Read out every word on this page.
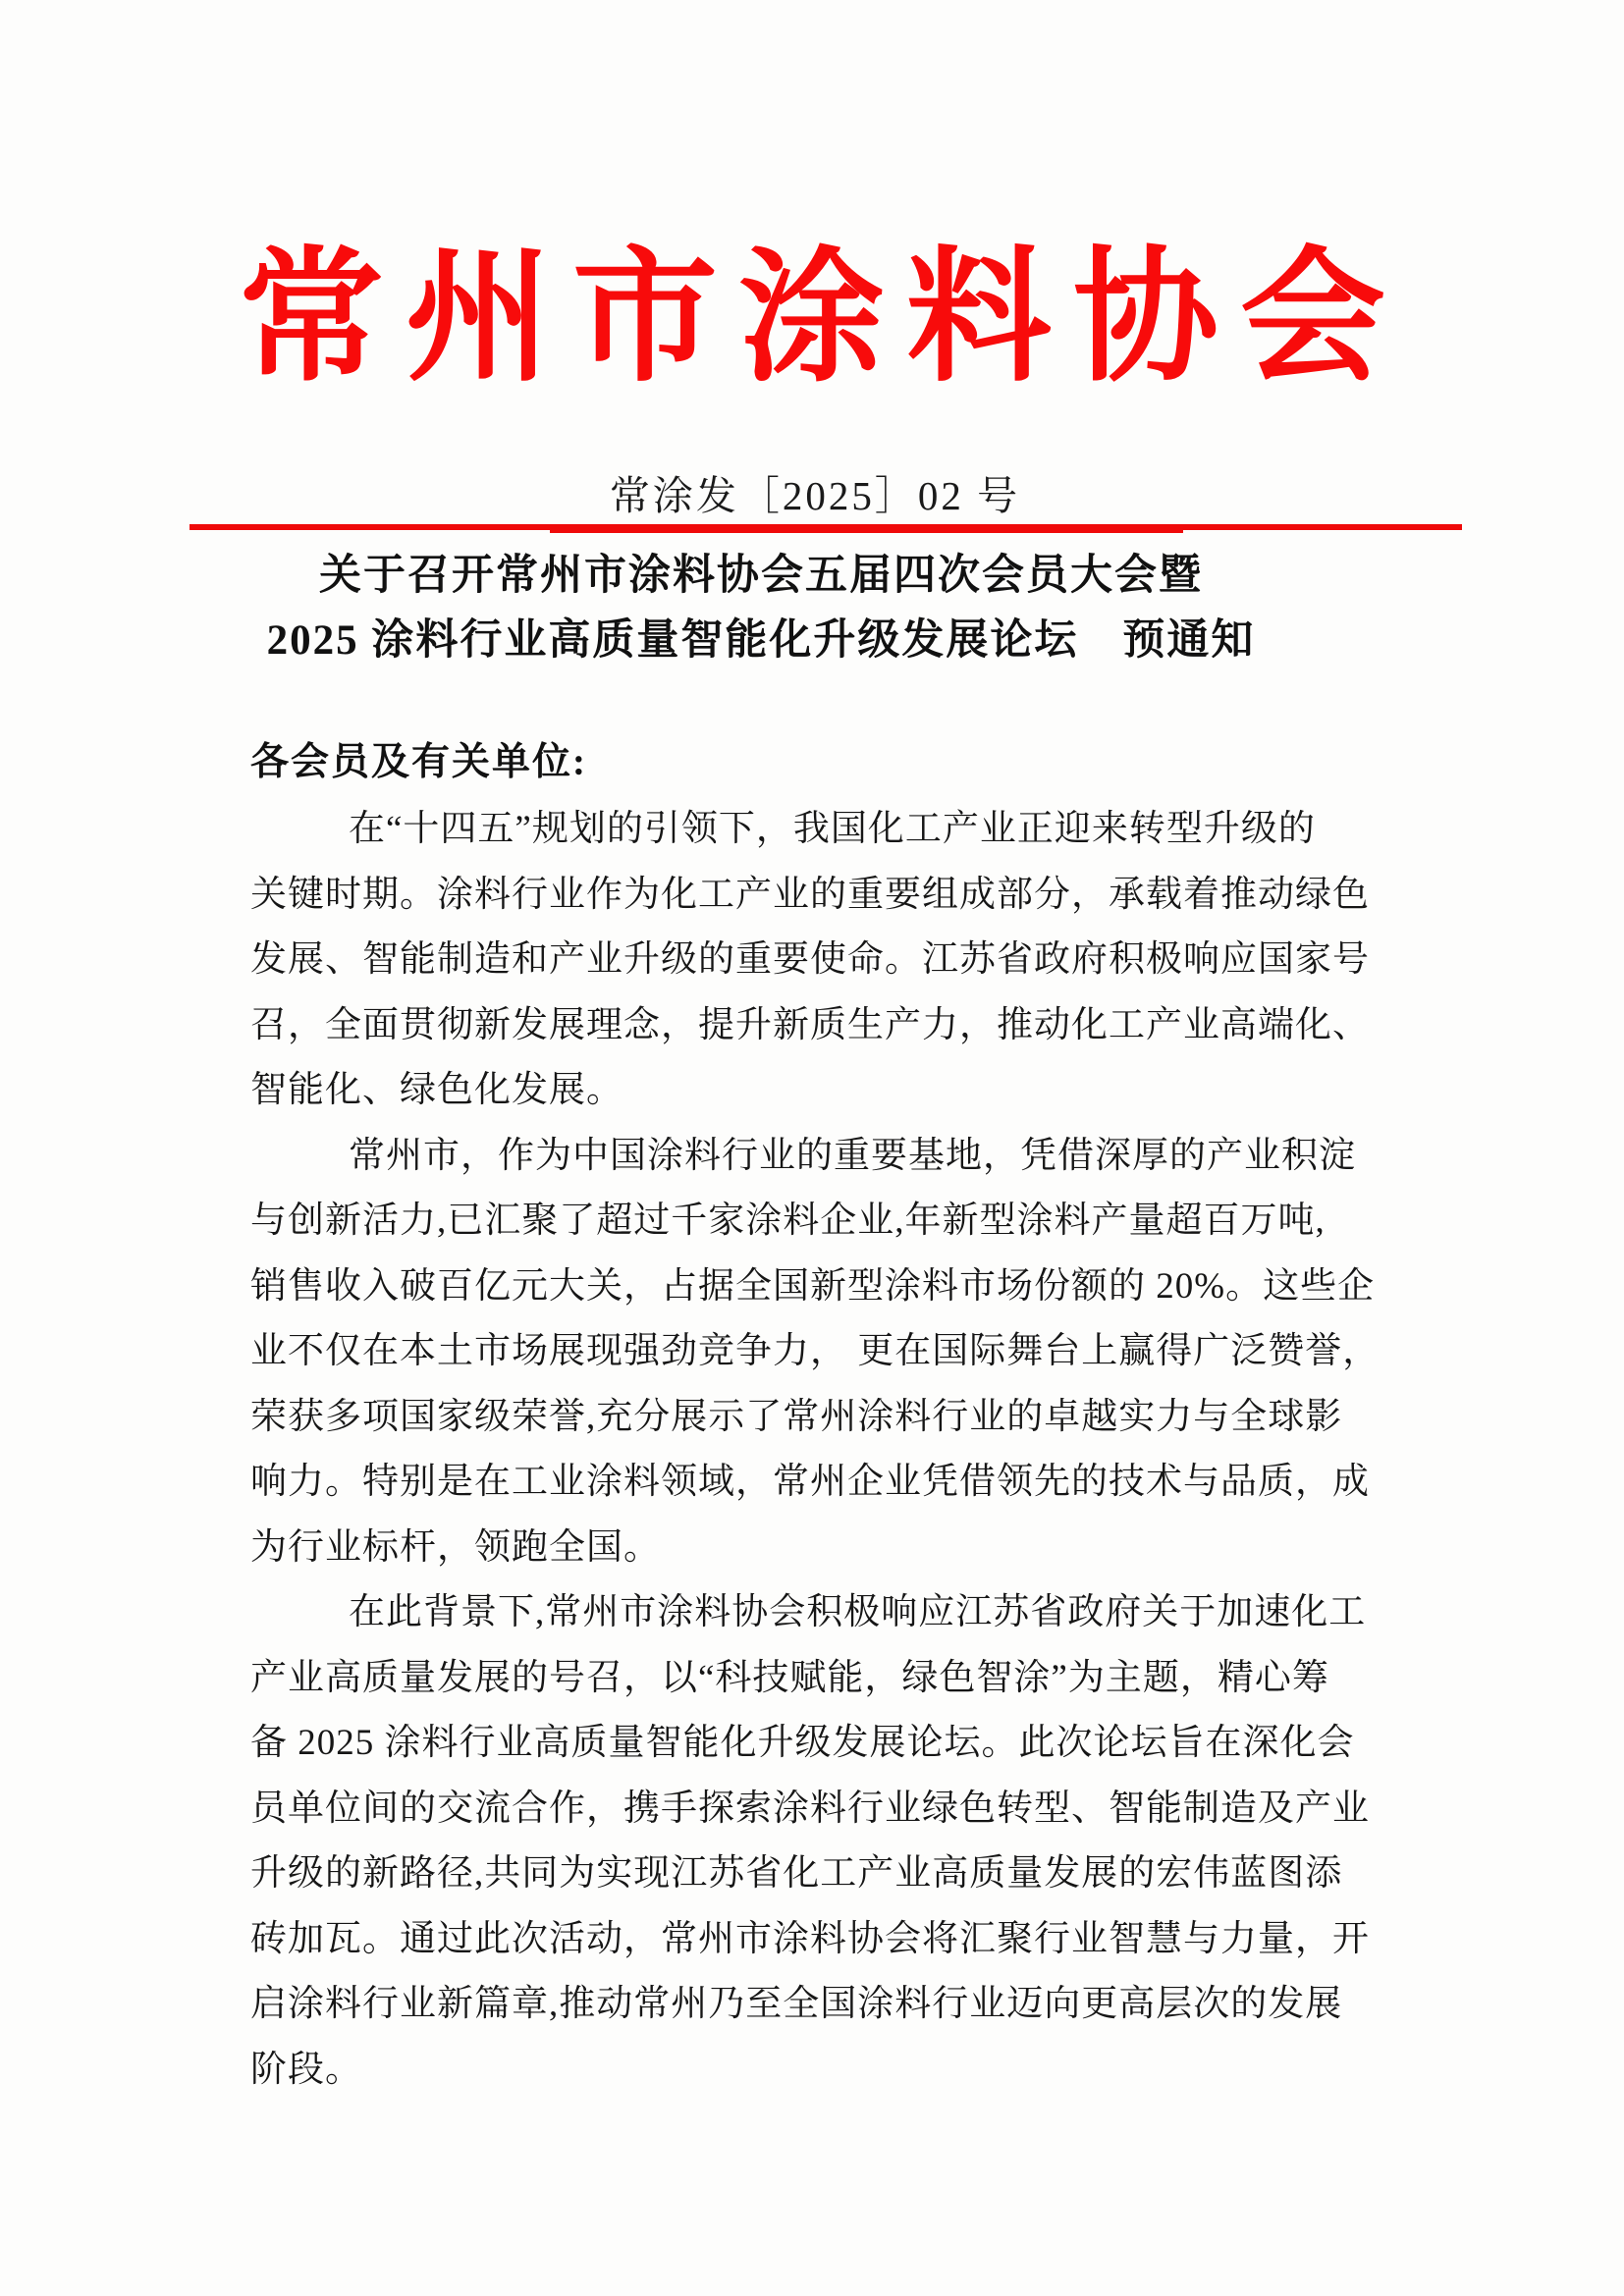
常州市涂料协会
常涂发［2025］02 号
关于召开常州市涂料协会五届四次会员大会暨
2025 涂料行业高质量智能化升级发展论坛　预通知
各会员及有关单位:
在“十四五”规划的引领下，我国化工产业正迎来转型升级的
关键时期。涂料行业作为化工产业的重要组成部分，承载着推动绿色
发展、智能制造和产业升级的重要使命。江苏省政府积极响应国家号
召，全面贯彻新发展理念，提升新质生产力，推动化工产业高端化、
智能化、绿色化发展。
常州市，作为中国涂料行业的重要基地，凭借深厚的产业积淀
与创新活力,已汇聚了超过千家涂料企业,年新型涂料产量超百万吨,
销售收入破百亿元大关，占据全国新型涂料市场份额的 20%。这些企
业不仅在本土市场展现强劲竞争力， 更在国际舞台上赢得广泛赞誉，
荣获多项国家级荣誉,充分展示了常州涂料行业的卓越实力与全球影
响力。特别是在工业涂料领域，常州企业凭借领先的技术与品质，成
为行业标杆，领跑全国。
在此背景下,常州市涂料协会积极响应江苏省政府关于加速化工
产业高质量发展的号召，以“科技赋能，绿色智涂”为主题，精心筹
备 2025 涂料行业高质量智能化升级发展论坛。此次论坛旨在深化会
员单位间的交流合作，携手探索涂料行业绿色转型、智能制造及产业
升级的新路径,共同为实现江苏省化工产业高质量发展的宏伟蓝图添
砖加瓦。通过此次活动，常州市涂料协会将汇聚行业智慧与力量，开
启涂料行业新篇章,推动常州乃至全国涂料行业迈向更高层次的发展
阶段。
